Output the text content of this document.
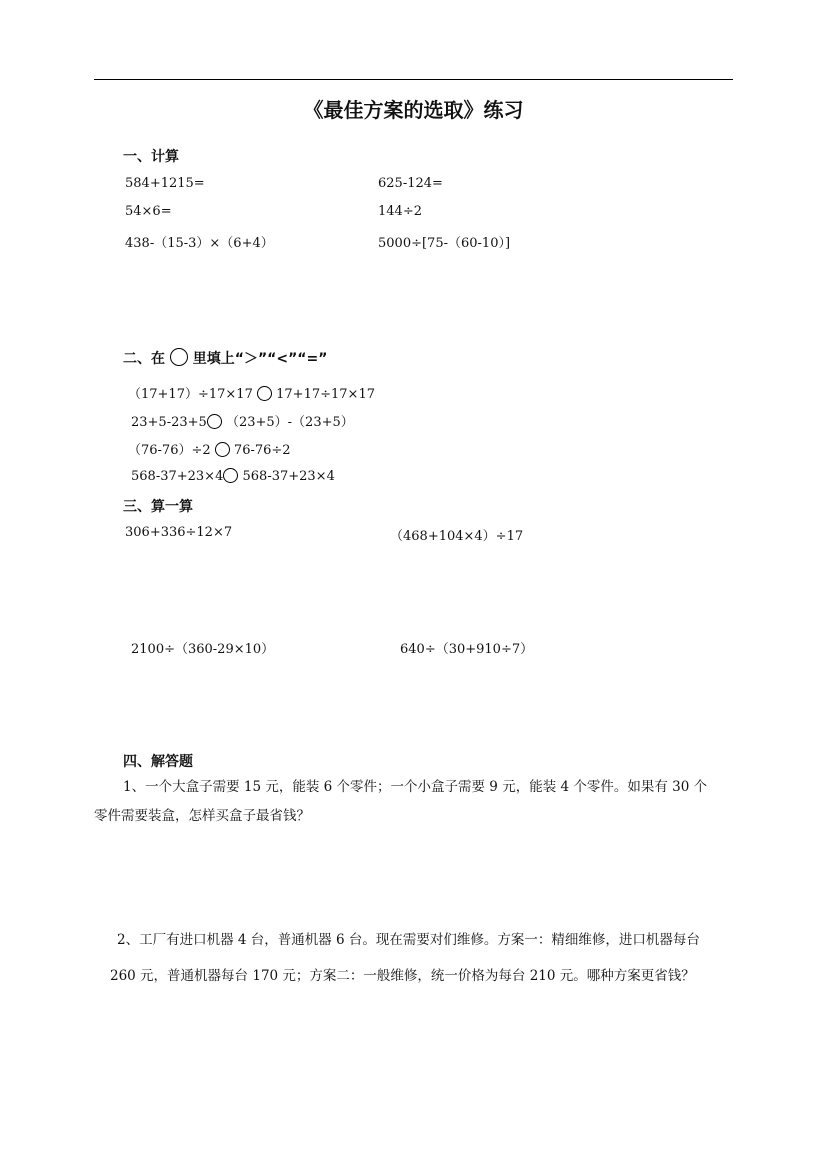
《最佳方案的选取》练习
一、计算
584+1215=	625-124=
54×6=	144÷2
438-（15-3）×（6+4）	5000÷[75-（60-10）]
二、在 里填上“＞”“<”“=”
（17+17）÷17×17 17+17÷17×17
23+5-23+5 （23+5）-（23+5）
（76-76）÷2 76-76÷2
568-37+23×4 568-37+23×4
三、算一算
306+336÷12×7	（468+104×4）÷17
2100÷（360-29×10）	640÷（30+910÷7）
四、解答题
1、一个大盒子需要 15 元，能装 6 个零件；一个小盒子需要 9 元，能装 4 个零件。如果有 30 个
零件需要装盒，怎样买盒子最省钱？
2、工厂有进口机器 4 台，普通机器 6 台。现在需要对们维修。方案一：精细维修，进口机器每台
260 元，普通机器每台 170 元；方案二：一般维修，统一价格为每台 210 元。哪种方案更省钱？
